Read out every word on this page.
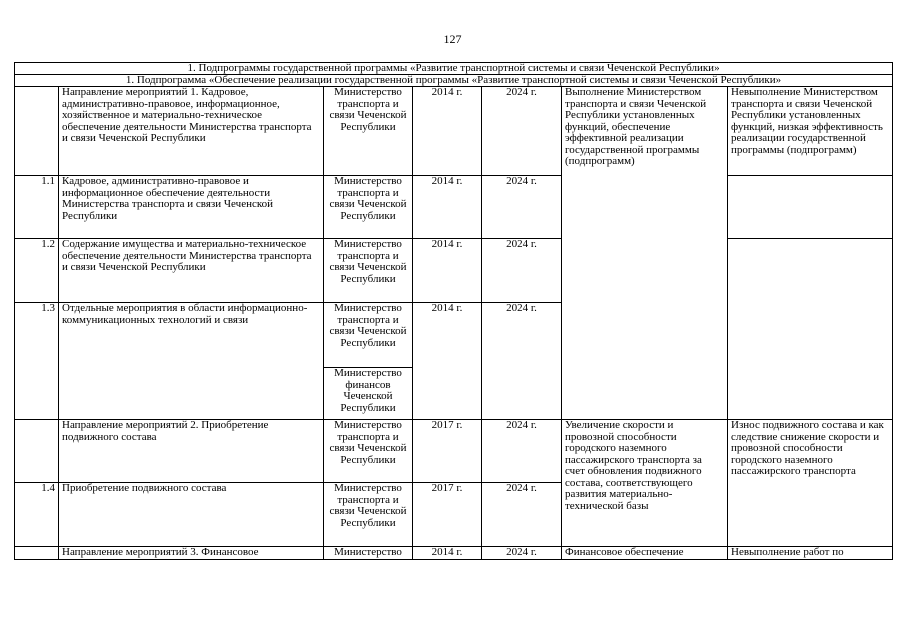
127
1. Подпрограммы государственной программы «Развитие транспортной системы и связи Чеченской Республики»						
1. Подпрограмма «Обеспечение реализации государственной программы «Развитие транспортной системы и связи Чеченской Республики»						
	Направление мероприятий 1. Кадровое, административно-правовое, информационное, хозяйственное и материально-техническое обеспечение деятельности Министерства транспорта и связи Чеченской Республики	Министерство транспорта и связи Чеченской Республики	2014 г.	2024 г.	Выполнение Министерством транспорта и связи Чеченской Республики установленных функций, обеспечение эффективной реализации государственной программы (подпрограмм)	Невыполнение Министерством транспорта и связи Чеченской Республики установленных функций, низкая эффективность реализации государственной программы (подпрограмм)
1.1	Кадровое, административно-правовое и информационное обеспечение деятельности Министерства транспорта и связи Чеченской Республики	Министерство транспорта и связи Чеченской Республики	2014 г.	2024 г.		
1.2	Содержание имущества и материально-техническое обеспечение деятельности Министерства транспорта и связи Чеченской Республики	Министерство транспорта и связи Чеченской Республики	2014 г.	2024 г.		
1.3	Отдельные мероприятия в области информационно-коммуникационных технологий и связи	Министерство транспорта и связи Чеченской Республики	2014 г.	2024 г.		
		Министерство финансов Чеченской Республики				
	Направление мероприятий 2. Приобретение подвижного состава	Министерство транспорта и связи Чеченской Республики	2017 г.	2024 г.	Увеличение скорости и провозной способности городского наземного пассажирского транспорта за счет обновления подвижного состава, соответствующего развития материально-технической базы	Износ подвижного состава и как следствие снижение скорости и провозной способности городского наземного пассажирского транспорта
1.4	Приобретение подвижного состава	Министерство транспорта и связи Чеченской Республики	2017 г.	2024 г.		
	Направление мероприятий 3. Финансовое	Министерство	2014 г.	2024 г.	Финансовое обеспечение	Невыполнение работ по
